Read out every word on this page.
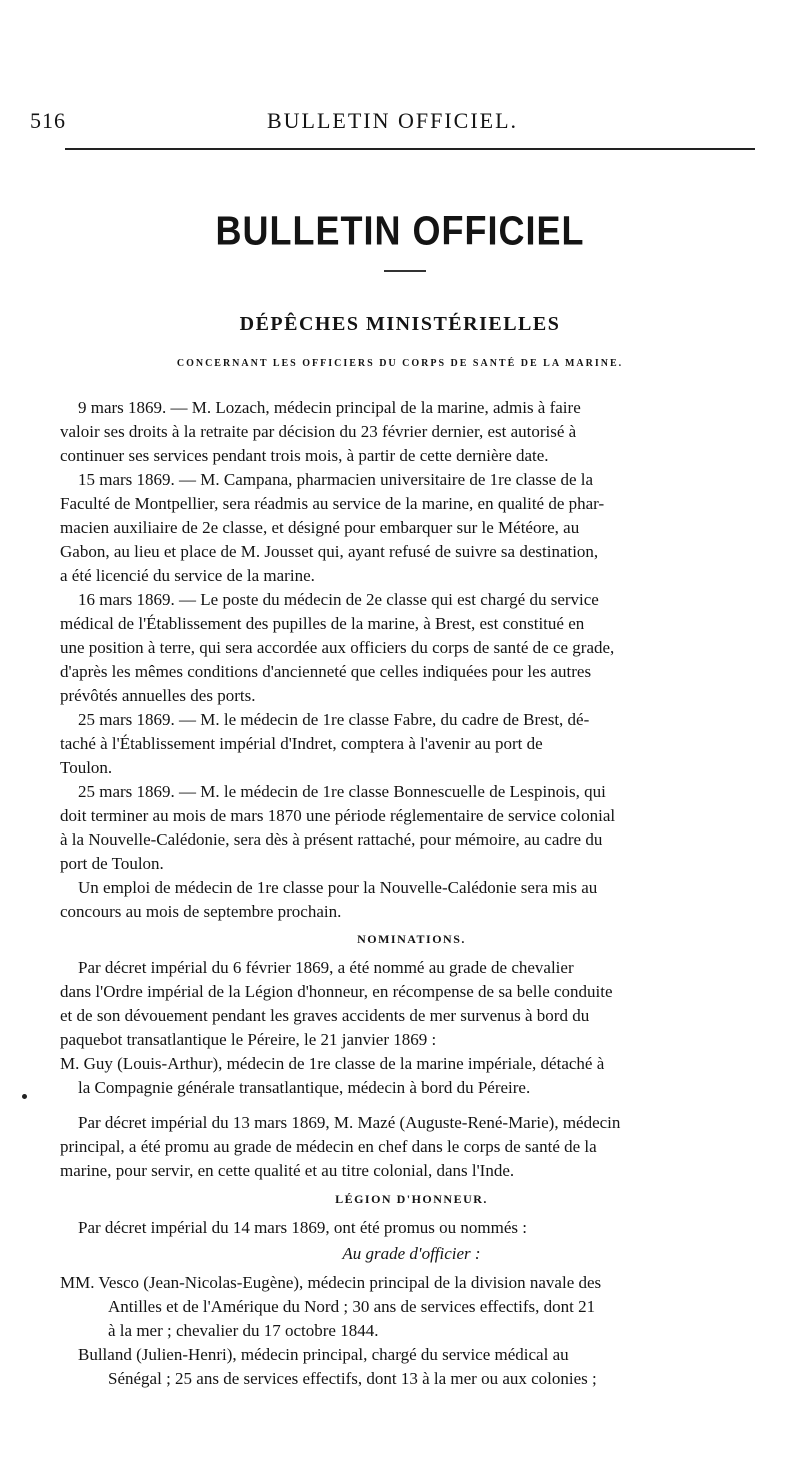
516	BULLETIN OFFICIEL.
BULLETIN OFFICIEL
DÉPÊCHES MINISTÉRIELLES
CONCERNANT LES OFFICIERS DU CORPS DE SANTÉ DE LA MARINE.
9 mars 1869. — M. Lozach, médecin principal de la marine, admis à faire
valoir ses droits à la retraite par décision du 23 février dernier, est autorisé à
continuer ses services pendant trois mois, à partir de cette dernière date.
15 mars 1869. — M. Campana, pharmacien universitaire de 1re classe de la
Faculté de Montpellier, sera réadmis au service de la marine, en qualité de phar-
macien auxiliaire de 2e classe, et désigné pour embarquer sur le Météore, au
Gabon, au lieu et place de M. Jousset qui, ayant refusé de suivre sa destination,
a été licencié du service de la marine.
16 mars 1869. — Le poste du médecin de 2e classe qui est chargé du service
médical de l'Établissement des pupilles de la marine, à Brest, est constitué en
une position à terre, qui sera accordée aux officiers du corps de santé de ce grade,
d'après les mêmes conditions d'ancienneté que celles indiquées pour les autres
prévôtés annuelles des ports.
25 mars 1869. — M. le médecin de 1re classe Fabre, du cadre de Brest, dé-
taché à l'Établissement impérial d'Indret, comptera à l'avenir au port de
Toulon.
25 mars 1869. — M. le médecin de 1re classe Bonnescuelle de Lespinois, qui
doit terminer au mois de mars 1870 une période réglementaire de service colonial
à la Nouvelle-Calédonie, sera dès à présent rattaché, pour mémoire, au cadre du
port de Toulon.
Un emploi de médecin de 1re classe pour la Nouvelle-Calédonie sera mis au
concours au mois de septembre prochain.
NOMINATIONS.
Par décret impérial du 6 février 1869, a été nommé au grade de chevalier
dans l'Ordre impérial de la Légion d'honneur, en récompense de sa belle conduite
et de son dévouement pendant les graves accidents de mer survenus à bord du
paquebot transatlantique le Péreire, le 21 janvier 1869 :
M. Guy (Louis-Arthur), médecin de 1re classe de la marine impériale, détaché à
la Compagnie générale transatlantique, médecin à bord du Péreire.
Par décret impérial du 13 mars 1869, M. Mazé (Auguste-René-Marie), médecin
principal, a été promu au grade de médecin en chef dans le corps de santé de la
marine, pour servir, en cette qualité et au titre colonial, dans l'Inde.
LÉGION D'HONNEUR.
Par décret impérial du 14 mars 1869, ont été promus ou nommés :
Au grade d'officier :
MM. Vesco (Jean-Nicolas-Eugène), médecin principal de la division navale des
Antilles et de l'Amérique du Nord ; 30 ans de services effectifs, dont 21
à la mer ; chevalier du 17 octobre 1844.
Bulland (Julien-Henri), médecin principal, chargé du service médical au
Sénégal ; 25 ans de services effectifs, dont 13 à la mer ou aux colonies ;
